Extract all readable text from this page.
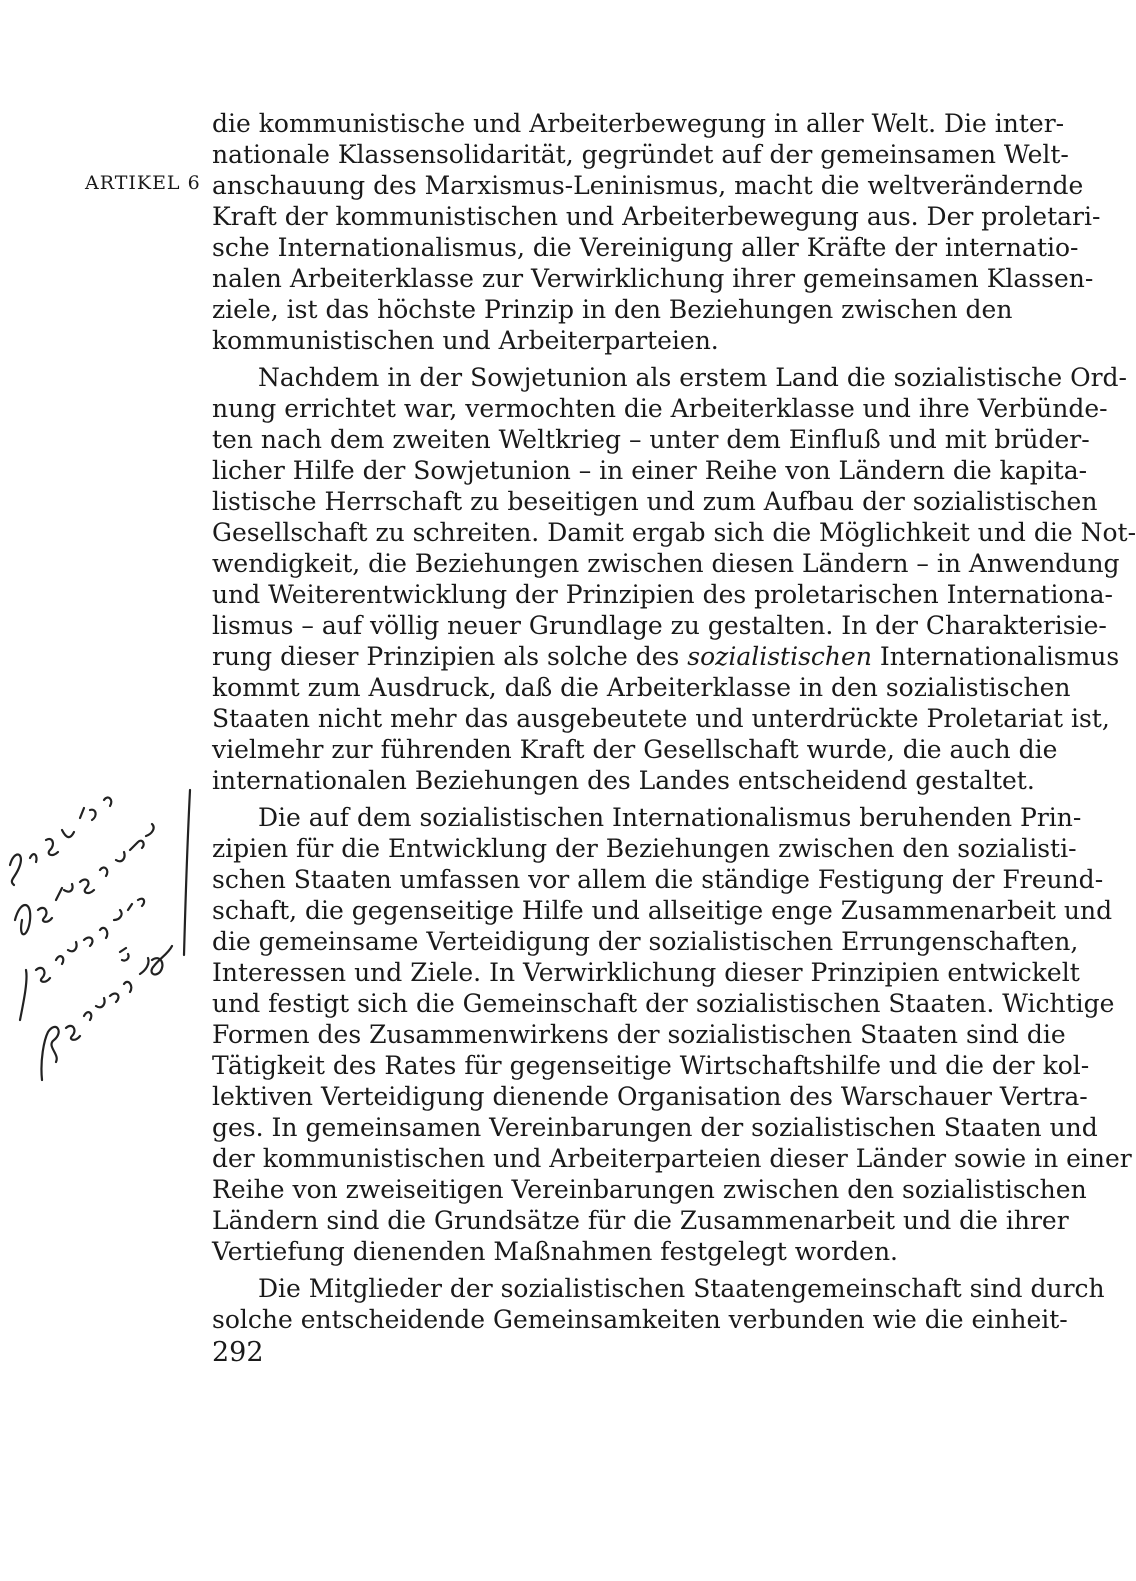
ARTIKEL 6
die kommunistische und Arbeiterbewegung in aller Welt. Die inter-
nationale Klassensolidarität, gegründet auf der gemeinsamen Welt-
anschauung des Marxismus-Leninismus, macht die weltverändernde
Kraft der kommunistischen und Arbeiterbewegung aus. Der proletari-
sche Internationalismus, die Vereinigung aller Kräfte der internatio-
nalen Arbeiterklasse zur Verwirklichung ihrer gemeinsamen Klassen-
ziele, ist das höchste Prinzip in den Beziehungen zwischen den
kommunistischen und Arbeiterparteien.
Nachdem in der Sowjetunion als erstem Land die sozialistische Ord-
nung errichtet war, vermochten die Arbeiterklasse und ihre Verbünde-
ten nach dem zweiten Weltkrieg – unter dem Einfluß und mit brüder-
licher Hilfe der Sowjetunion – in einer Reihe von Ländern die kapita-
listische Herrschaft zu beseitigen und zum Aufbau der sozialistischen
Gesellschaft zu schreiten. Damit ergab sich die Möglichkeit und die Not-
wendigkeit, die Beziehungen zwischen diesen Ländern – in Anwendung
und Weiterentwicklung der Prinzipien des proletarischen Internationa-
lismus – auf völlig neuer Grundlage zu gestalten. In der Charakterisie-
rung dieser Prinzipien als solche des sozialistischen Internationalismus
kommt zum Ausdruck, daß die Arbeiterklasse in den sozialistischen
Staaten nicht mehr das ausgebeutete und unterdrückte Proletariat ist,
vielmehr zur führenden Kraft der Gesellschaft wurde, die auch die
internationalen Beziehungen des Landes entscheidend gestaltet.
Die auf dem sozialistischen Internationalismus beruhenden Prin-
zipien für die Entwicklung der Beziehungen zwischen den sozialisti-
schen Staaten umfassen vor allem die ständige Festigung der Freund-
schaft, die gegenseitige Hilfe und allseitige enge Zusammenarbeit und
die gemeinsame Verteidigung der sozialistischen Errungenschaften,
Interessen und Ziele. In Verwirklichung dieser Prinzipien entwickelt
und festigt sich die Gemeinschaft der sozialistischen Staaten. Wichtige
Formen des Zusammenwirkens der sozialistischen Staaten sind die
Tätigkeit des Rates für gegenseitige Wirtschaftshilfe und die der kol-
lektiven Verteidigung dienende Organisation des Warschauer Vertra-
ges. In gemeinsamen Vereinbarungen der sozialistischen Staaten und
der kommunistischen und Arbeiterparteien dieser Länder sowie in einer
Reihe von zweiseitigen Vereinbarungen zwischen den sozialistischen
Ländern sind die Grundsätze für die Zusammenarbeit und die ihrer
Vertiefung dienenden Maßnahmen festgelegt worden.
Die Mitglieder der sozialistischen Staatengemeinschaft sind durch
solche entscheidende Gemeinsamkeiten verbunden wie die einheit-
292
